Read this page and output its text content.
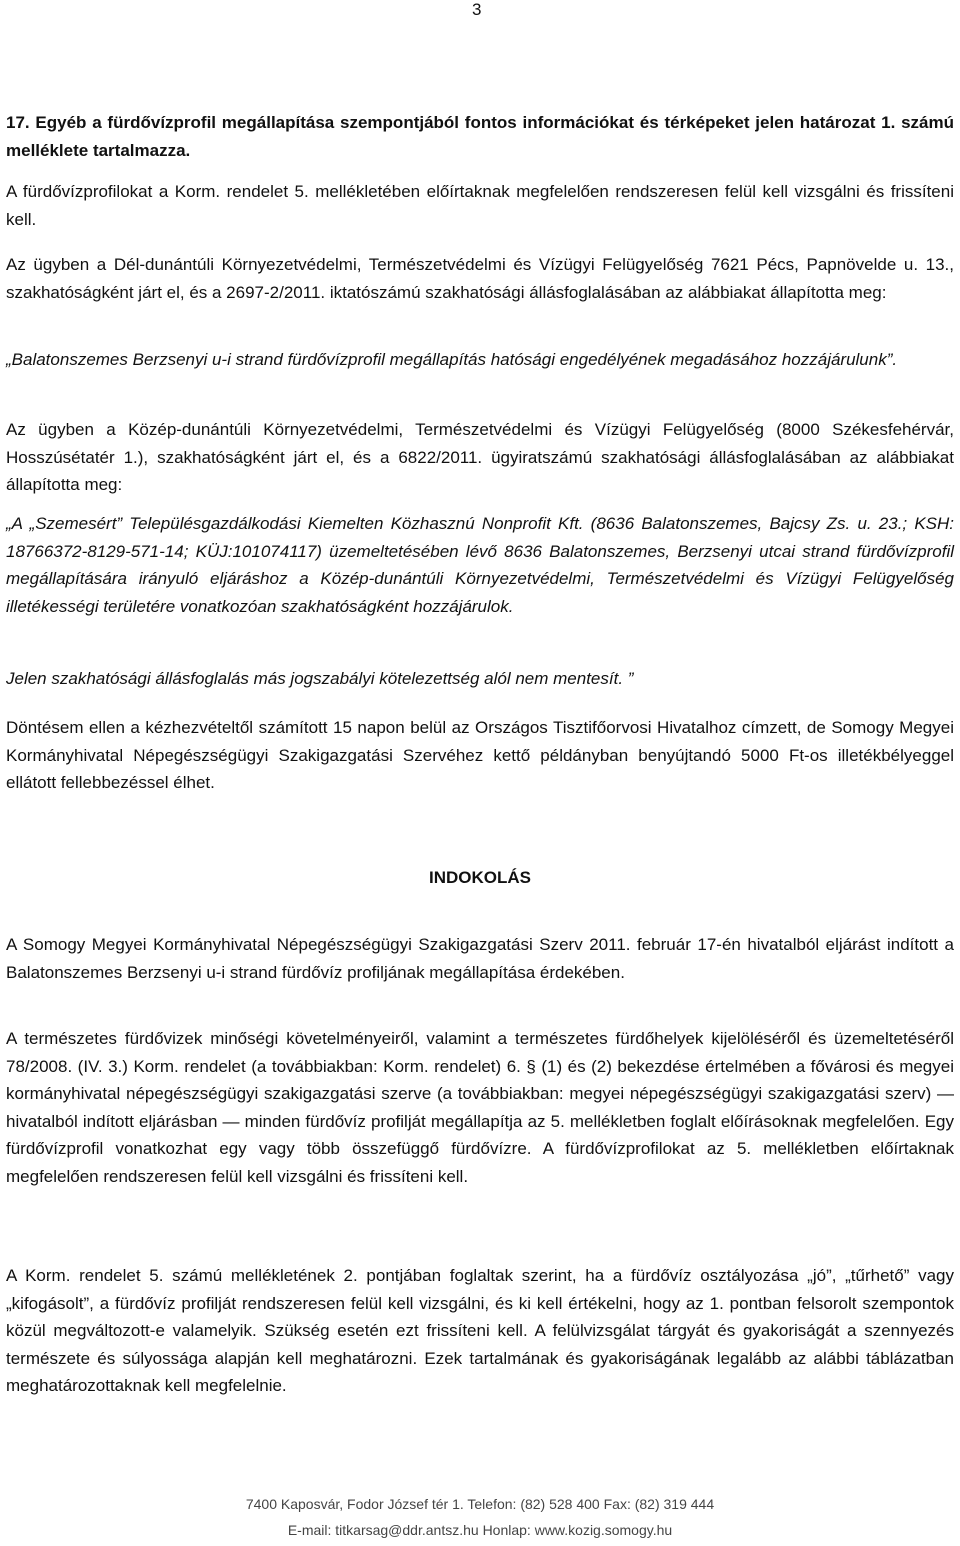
3

17. Egyéb a fürdővízprofil megállapítása szempontjából fontos információkat és térképeket jelen határozat 1. számú melléklete tartalmazza.

A fürdővízprofilokat a Korm. rendelet 5. mellékletében előírtaknak megfelelően rendszeresen felül kell vizsgálni és frissíteni kell.

Az ügyben a Dél-dunántúli Környezetvédelmi, Természetvédelmi és Vízügyi Felügyelőség 7621 Pécs, Papnövelde u. 13., szakhatóságként járt el, és a 2697-2/2011. iktatószámú szakhatósági állásfoglalásában az alábbiakat állapította meg:

„Balatonszemes Berzsenyi u-i strand fürdővízprofil megállapítás hatósági engedélyének megadásához hozzájárulunk”.

Az ügyben a Közép-dunántúli Környezetvédelmi, Természetvédelmi és Vízügyi Felügyelőség (8000 Székesfehérvár, Hosszúsétatér 1.), szakhatóságként járt el, és a 6822/2011. ügyiratszámú szakhatósági állásfoglalásában az alábbiakat állapította meg:

„A „Szemesért” Településgazdálkodási Kiemelten Közhasznú Nonprofit Kft. (8636 Balatonszemes, Bajcsy Zs. u. 23.; KSH: 18766372-8129-571-14; KÜJ:101074117) üzemeltetésében lévő 8636 Balatonszemes, Berzsenyi utcai strand fürdővízprofil megállapítására irányuló eljáráshoz a Közép-dunántúli Környezetvédelmi, Természetvédelmi és Vízügyi Felügyelőség illetékességi területére vonatkozóan szakhatóságként hozzájárulok.

Jelen szakhatósági állásfoglalás más jogszabályi kötelezettség alól nem mentesít. ”

Döntésem ellen a kézhezvételtől számított 15 napon belül az Országos Tisztifőorvosi Hivatalhoz címzett, de Somogy Megyei Kormányhivatal Népegészségügyi Szakigazgatási Szervéhez kettő példányban benyújtandó 5000 Ft-os illetékbélyeggel ellátott fellebbezéssel élhet.

INDOKOLÁS

A Somogy Megyei Kormányhivatal Népegészségügyi Szakigazgatási Szerv 2011. február 17-én hivatalból eljárást indított a Balatonszemes Berzsenyi u-i strand fürdővíz profiljának megállapítása érdekében.

A természetes fürdővizek minőségi követelményeiről, valamint a természetes fürdőhelyek kijelöléséről és üzemeltetéséről 78/2008. (IV. 3.) Korm. rendelet (a továbbiakban: Korm. rendelet) 6. § (1) és (2) bekezdése értelmében a fővárosi és megyei kormányhivatal népegészségügyi szakigazgatási szerve (a továbbiakban: megyei népegészségügyi szakigazgatási szerv) ― hivatalból indított eljárásban ― minden fürdővíz profilját megállapítja az 5. mellékletben foglalt előírásoknak megfelelően. Egy fürdővízprofil vonatkozhat egy vagy több összefüggő fürdővízre. A fürdővízprofilokat az 5. mellékletben előírtaknak megfelelően rendszeresen felül kell vizsgálni és frissíteni kell.

A Korm. rendelet 5. számú mellékletének 2. pontjában foglaltak szerint, ha a fürdővíz osztályozása „jó”, „tűrhető” vagy „kifogásolt”, a fürdővíz profilját rendszeresen felül kell vizsgálni, és ki kell értékelni, hogy az 1. pontban felsorolt szempontok közül megváltozott-e valamelyik. Szükség esetén ezt frissíteni kell. A felülvizsgálat tárgyát és gyakoriságát a szennyezés természete és súlyossága alapján kell meghatározni. Ezek tartalmának és gyakoriságának legalább az alábbi táblázatban meghatározottaknak kell megfelelnie.

7400 Kaposvár, Fodor József tér 1. Telefon: (82) 528 400 Fax: (82) 319 444

E-mail: titkarsag@ddr.antsz.hu Honlap: www.kozig.somogy.hu
